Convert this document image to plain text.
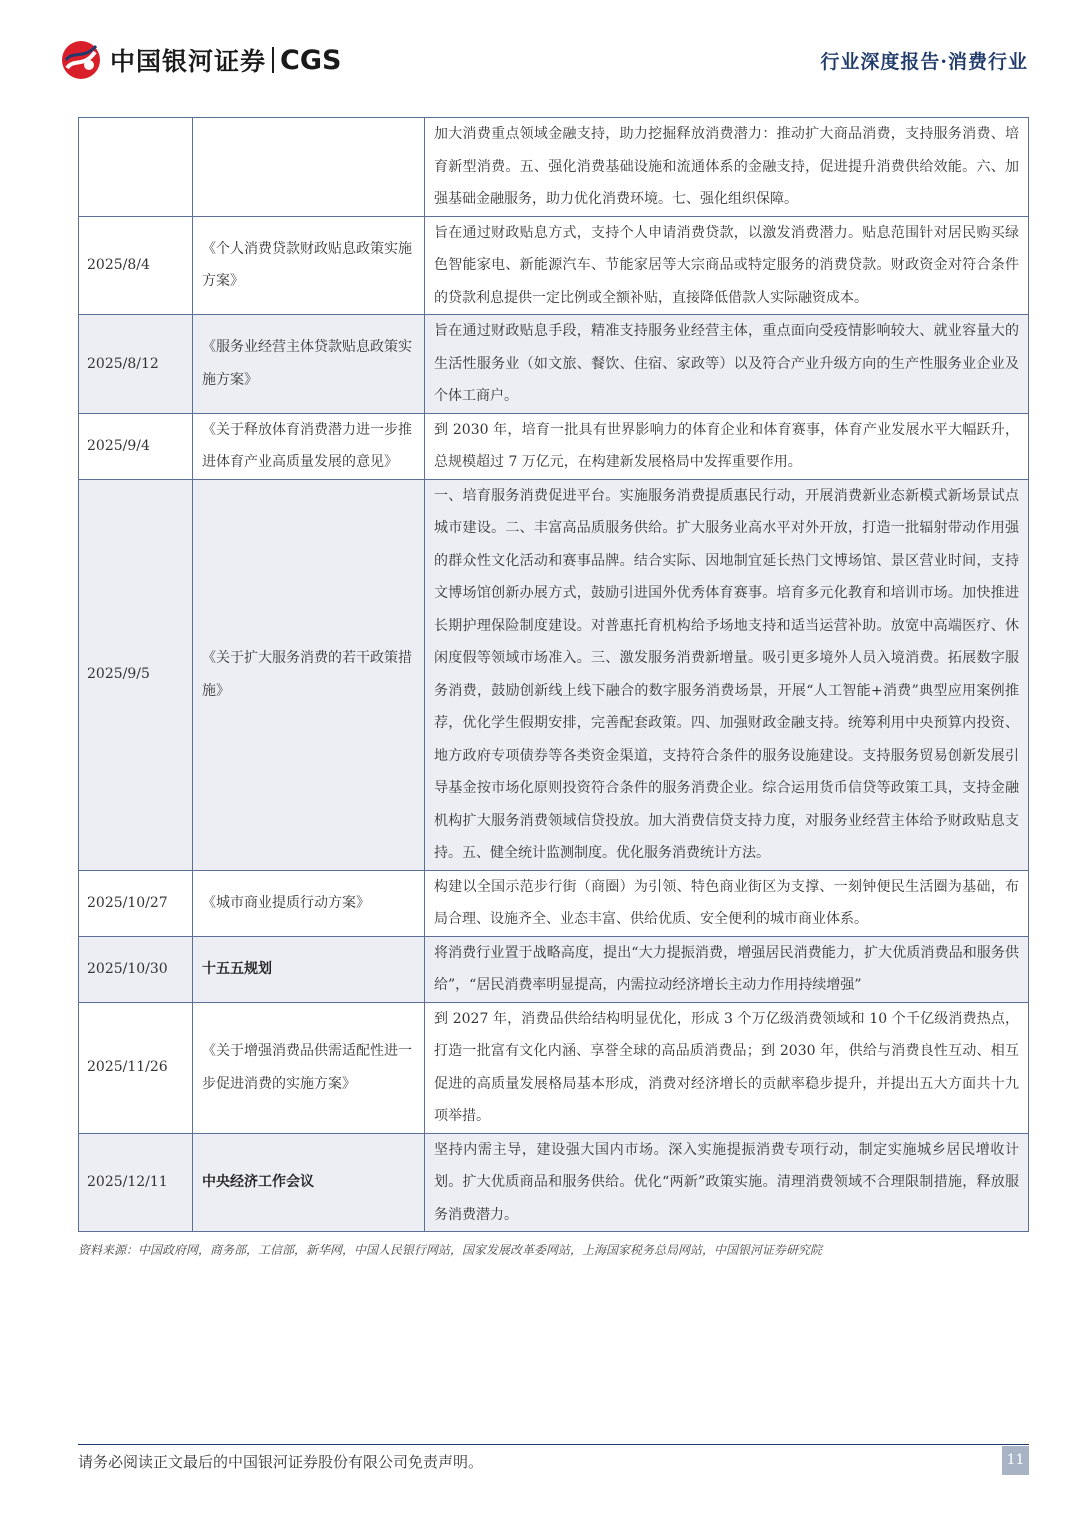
中国银河证券 CGS	行业深度报告·消费行业
		加大消费重点领域金融支持，助力挖掘释放消费潜力：推动扩大商品消费，支持服务消费、培育新型消费。五、强化消费基础设施和流通体系的金融支持，促进提升消费供给效能。六、加强基础金融服务，助力优化消费环境。七、强化组织保障。
2025/8/4	《个人消费贷款财政贴息政策实施方案》	旨在通过财政贴息方式，支持个人申请消费贷款，以激发消费潜力。贴息范围针对居民购买绿色智能家电、新能源汽车、节能家居等大宗商品或特定服务的消费贷款。财政资金对符合条件的贷款利息提供一定比例或全额补贴，直接降低借款人实际融资成本。
2025/8/12	《服务业经营主体贷款贴息政策实施方案》	旨在通过财政贴息手段，精准支持服务业经营主体，重点面向受疫情影响较大、就业容量大的生活性服务业（如文旅、餐饮、住宿、家政等）以及符合产业升级方向的生产性服务业企业及个体工商户。
2025/9/4	《关于释放体育消费潜力进一步推进体育产业高质量发展的意见》	到 2030 年，培育一批具有世界影响力的体育企业和体育赛事，体育产业发展水平大幅跃升，总规模超过 7 万亿元，在构建新发展格局中发挥重要作用。
2025/9/5	《关于扩大服务消费的若干政策措施》	一、培育服务消费促进平台。实施服务消费提质惠民行动，开展消费新业态新模式新场景试点城市建设。二、丰富高品质服务供给。扩大服务业高水平对外开放，打造一批辐射带动作用强的群众性文化活动和赛事品牌。结合实际、因地制宜延长热门文博场馆、景区营业时间，支持文博场馆创新办展方式，鼓励引进国外优秀体育赛事。培育多元化教育和培训市场。加快推进长期护理保险制度建设。对普惠托育机构给予场地支持和适当运营补助。放宽中高端医疗、休闲度假等领域市场准入。三、激发服务消费新增量。吸引更多境外人员入境消费。拓展数字服务消费，鼓励创新线上线下融合的数字服务消费场景，开展“人工智能+消费”典型应用案例推荐，优化学生假期安排，完善配套政策。四、加强财政金融支持。统筹利用中央预算内投资、地方政府专项债券等各类资金渠道，支持符合条件的服务设施建设。支持服务贸易创新发展引导基金按市场化原则投资符合条件的服务消费企业。综合运用货币信贷等政策工具，支持金融机构扩大服务消费领域信贷投放。加大消费信贷支持力度，对服务业经营主体给予财政贴息支持。五、健全统计监测制度。优化服务消费统计方法。
2025/10/27	《城市商业提质行动方案》	构建以全国示范步行街（商圈）为引领、特色商业街区为支撑、一刻钟便民生活圈为基础，布局合理、设施齐全、业态丰富、供给优质、安全便利的城市商业体系。
2025/10/30	十五五规划	将消费行业置于战略高度，提出“大力提振消费，增强居民消费能力，扩大优质消费品和服务供给”，“居民消费率明显提高，内需拉动经济增长主动力作用持续增强”
2025/11/26	《关于增强消费品供需适配性进一步促进消费的实施方案》	到 2027 年，消费品供给结构明显优化，形成 3 个万亿级消费领域和 10 个千亿级消费热点，打造一批富有文化内涵、享誉全球的高品质消费品；到 2030 年，供给与消费良性互动、相互促进的高质量发展格局基本形成，消费对经济增长的贡献率稳步提升，并提出五大方面共十九项举措。
2025/12/11	中央经济工作会议	坚持内需主导，建设强大国内市场。深入实施提振消费专项行动，制定实施城乡居民增收计划。扩大优质商品和服务供给。优化“两新”政策实施。清理消费领域不合理限制措施，释放服务消费潜力。
资料来源：中国政府网，商务部，工信部，新华网，中国人民银行网站，国家发展改革委网站，上海国家税务总局网站，中国银河证券研究院
请务必阅读正文最后的中国银河证券股份有限公司免责声明。	11
